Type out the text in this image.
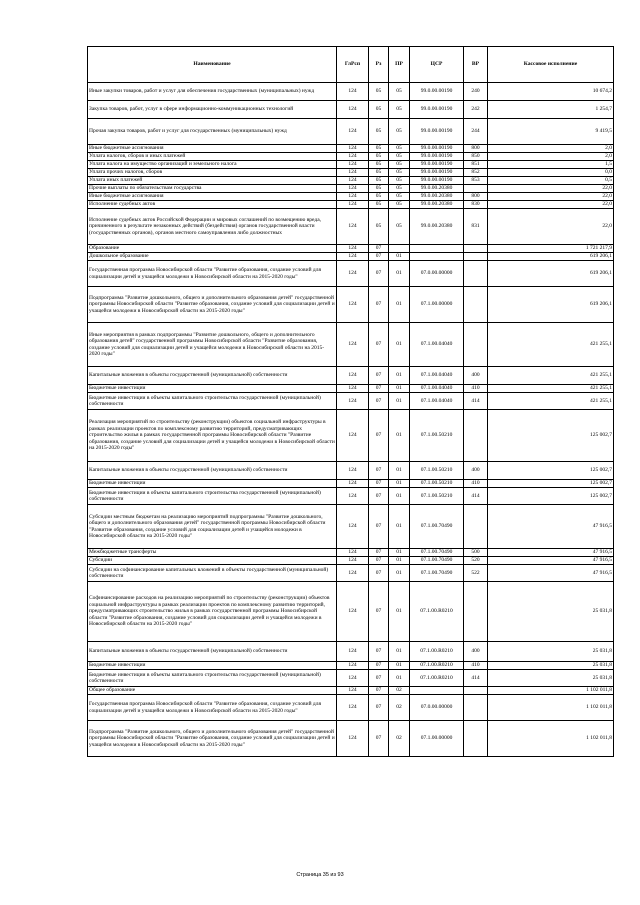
Наименование	ГлРсп	Рз	ПР	ЦСР	ВР	Кассовое исполнение
Иные закупки товаров, работ и услуг для обеспечения государственных (муниципальных) нужд	124	05	05	99.0.00.00190	240	10 674,2
Закупка товаров, работ, услуг в сфере информационно-коммуникационных технологий	124	05	05	99.0.00.00190	242	1 254,7
Прочая закупка товаров, работ и услуг для государственных (муниципальных) нужд	124	05	05	99.0.00.00190	244	9 419,5
Иные бюджетные ассигнования	124	05	05	99.0.00.00190	800	2,0
Уплата налогов, сборов и иных платежей	124	05	05	99.0.00.00190	850	2,0
Уплата налога на имущество организаций и земельного налога	124	05	05	99.0.00.00190	851	1,5
Уплата прочих налогов, сборов	124	05	05	99.0.00.00190	852	0,0
Уплата иных платежей	124	05	05	99.0.00.00190	853	0,5
Прочие выплаты по обязательствам государства	124	05	05	99.0.00.20380		22,0
Иные бюджетные ассигнования	124	05	05	99.0.00.20380	800	22,0
Исполнение судебных актов	124	05	05	99.0.00.20380	830	22,0
Исполнение судебных актов Российской Федерации и мировых соглашений по возмещению вреда, причиненного в результате незаконных действий (бездействия) органов государственной власти (государственных органов), органов местного самоуправления либо должностных	124	05	05	99.0.00.20380	831	22,0
Образование	124	07				1 721 217,9
Дошкольное образование	124	07	01			619 206,1
Государственная программа Новосибирской области "Развитие образования, создание условий для социализации детей и учащейся молодежи в Новосибирской области на 2015-2020 годы"	124	07	01	07.0.00.00000		619 206,1
Подпрограмма "Развитие дошкольного, общего и дополнительного образования детей" государственной программы Новосибирской области "Развитие образования, создание условий для социализации детей и учащейся молодежи в Новосибирской области на 2015-2020 годы"	124	07	01	07.1.00.00000		619 206,1
Иные мероприятия в рамках подпрограммы "Развитие дошкольного, общего и дополнительного образования детей" государственной программы Новосибирской области "Развитие образования, создание условий для социализации детей и учащейся молодежи в Новосибирской области на 2015-2020 годы"	124	07	01	07.1.00.04040		421 255,1
Капитальные вложения в объекты государственной (муниципальной) собственности	124	07	01	07.1.00.04040	400	421 255,1
Бюджетные инвестиции	124	07	01	07.1.00.04040	410	421 255,1
Бюджетные инвестиции в объекты капитального строительства государственной (муниципальной) собственности	124	07	01	07.1.00.04040	414	421 255,1
Реализация мероприятий по строительству (реконструкции) объектов социальной инфраструктуры в рамках реализации проектов по комплексному развитию территорий, предусматривающих строительство жилья в рамках государственной программы Новосибирской области "Развитие образования, создание условий для социализации детей и учащейся молодежи в Новосибирской области на 2015-2020 годы"	124	07	01	07.1.00.50210		125 002,7
Капитальные вложения в объекты государственной (муниципальной) собственности	124	07	01	07.1.00.50210	400	125 002,7
Бюджетные инвестиции	124	07	01	07.1.00.50210	410	125 002,7
Бюджетные инвестиции в объекты капитального строительства государственной (муниципальной) собственности	124	07	01	07.1.00.50210	414	125 002,7
Субсидии местным бюджетам на реализацию мероприятий подпрограммы "Развитие дошкольного, общего и дополнительного образования детей" государственной программы Новосибирской области "Развитие образования, создание условий для социализации детей и учащейся молодежи в Новосибирской области на 2015-2020 годы"	124	07	01	07.1.00.70490		47 916,5
Межбюджетные трансферты	124	07	01	07.1.00.70490	500	47 916,5
Субсидии	124	07	01	07.1.00.70490	520	47 916,5
Субсидии на софинансирование капитальных вложений в объекты государственной (муниципальной) собственности	124	07	01	07.1.00.70490	522	47 916,5
Софинансирование расходов на реализацию мероприятий по строительству (реконструкции) объектов социальной инфраструктуры в рамках реализации проектов по комплексному развитию территорий, предусматривающих строительство жилья в рамках государственной программы Новосибирской области "Развитие образования, создание условий для социализации детей и учащейся молодежи в Новосибирской области на 2015-2020 годы"	124	07	01	07.1.00.R0210		25 031,8
Капитальные вложения в объекты государственной (муниципальной) собственности	124	07	01	07.1.00.R0210	400	25 031,8
Бюджетные инвестиции	124	07	01	07.1.00.R0210	410	25 031,8
Бюджетные инвестиции в объекты капитального строительства государственной (муниципальной) собственности	124	07	01	07.1.00.R0210	414	25 031,8
Общее образование	124	07	02			1 102 011,8
Государственная программа Новосибирской области "Развитие образования, создание условий для социализации детей и учащейся молодежи в Новосибирской области на 2015-2020 годы"	124	07	02	07.0.00.00000		1 102 011,8
Подпрограмма "Развитие дошкольного, общего и дополнительного образования детей" государственной программы Новосибирской области "Развитие образования, создание условий для социализации детей и учащейся молодежи в Новосибирской области на 2015-2020 годы"	124	07	02	07.1.00.00000		1 102 011,8
Страница 35 из 93
